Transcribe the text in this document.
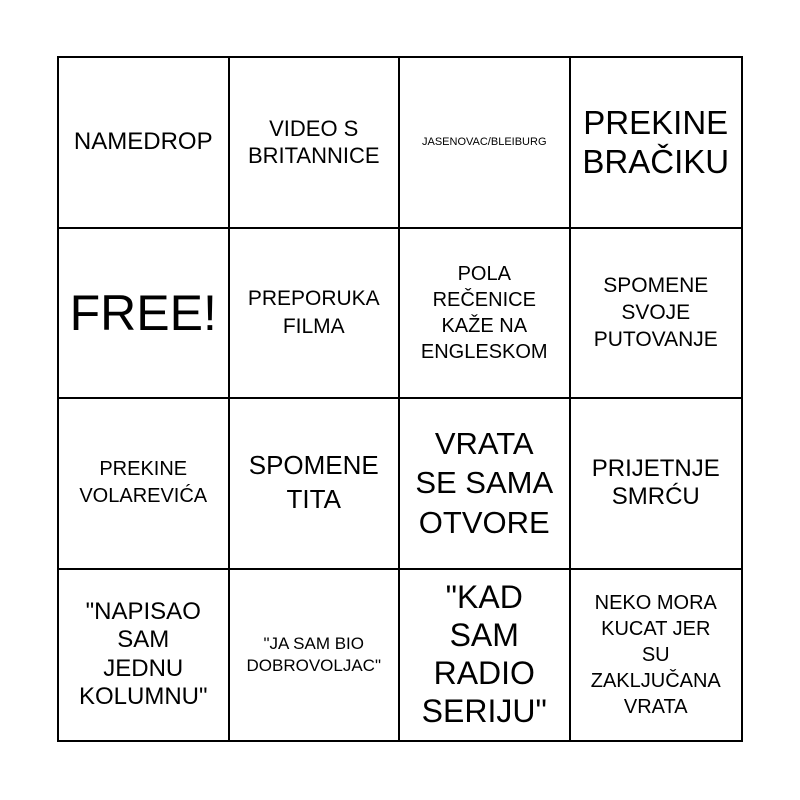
NAMEDROP	VIDEO S
BRITANNICE
JASENOVAC/BLEIBURG
PREKINE
BRAČIKU
FREE! PREPORUKA
FILMA
POLA
REČENICE
KAŽE NA
ENGLESKOM
SPOMENE
SVOJE
PUTOVANJE
PREKINE
VOLAREVIĆA
SPOMENE
TITA
VRATA
SE SAMA
OTVORE
PRIJETNJE
SMRĆU
"NAPISAO
SAM
JEDNU
KOLUMNU"
"JA SAM BIO
DOBROVOLJAC"
"KAD
SAM
RADIO
SERIJU"
NEKO MORA
KUCAT JER
SU
ZAKLJUČANA
VRATA
